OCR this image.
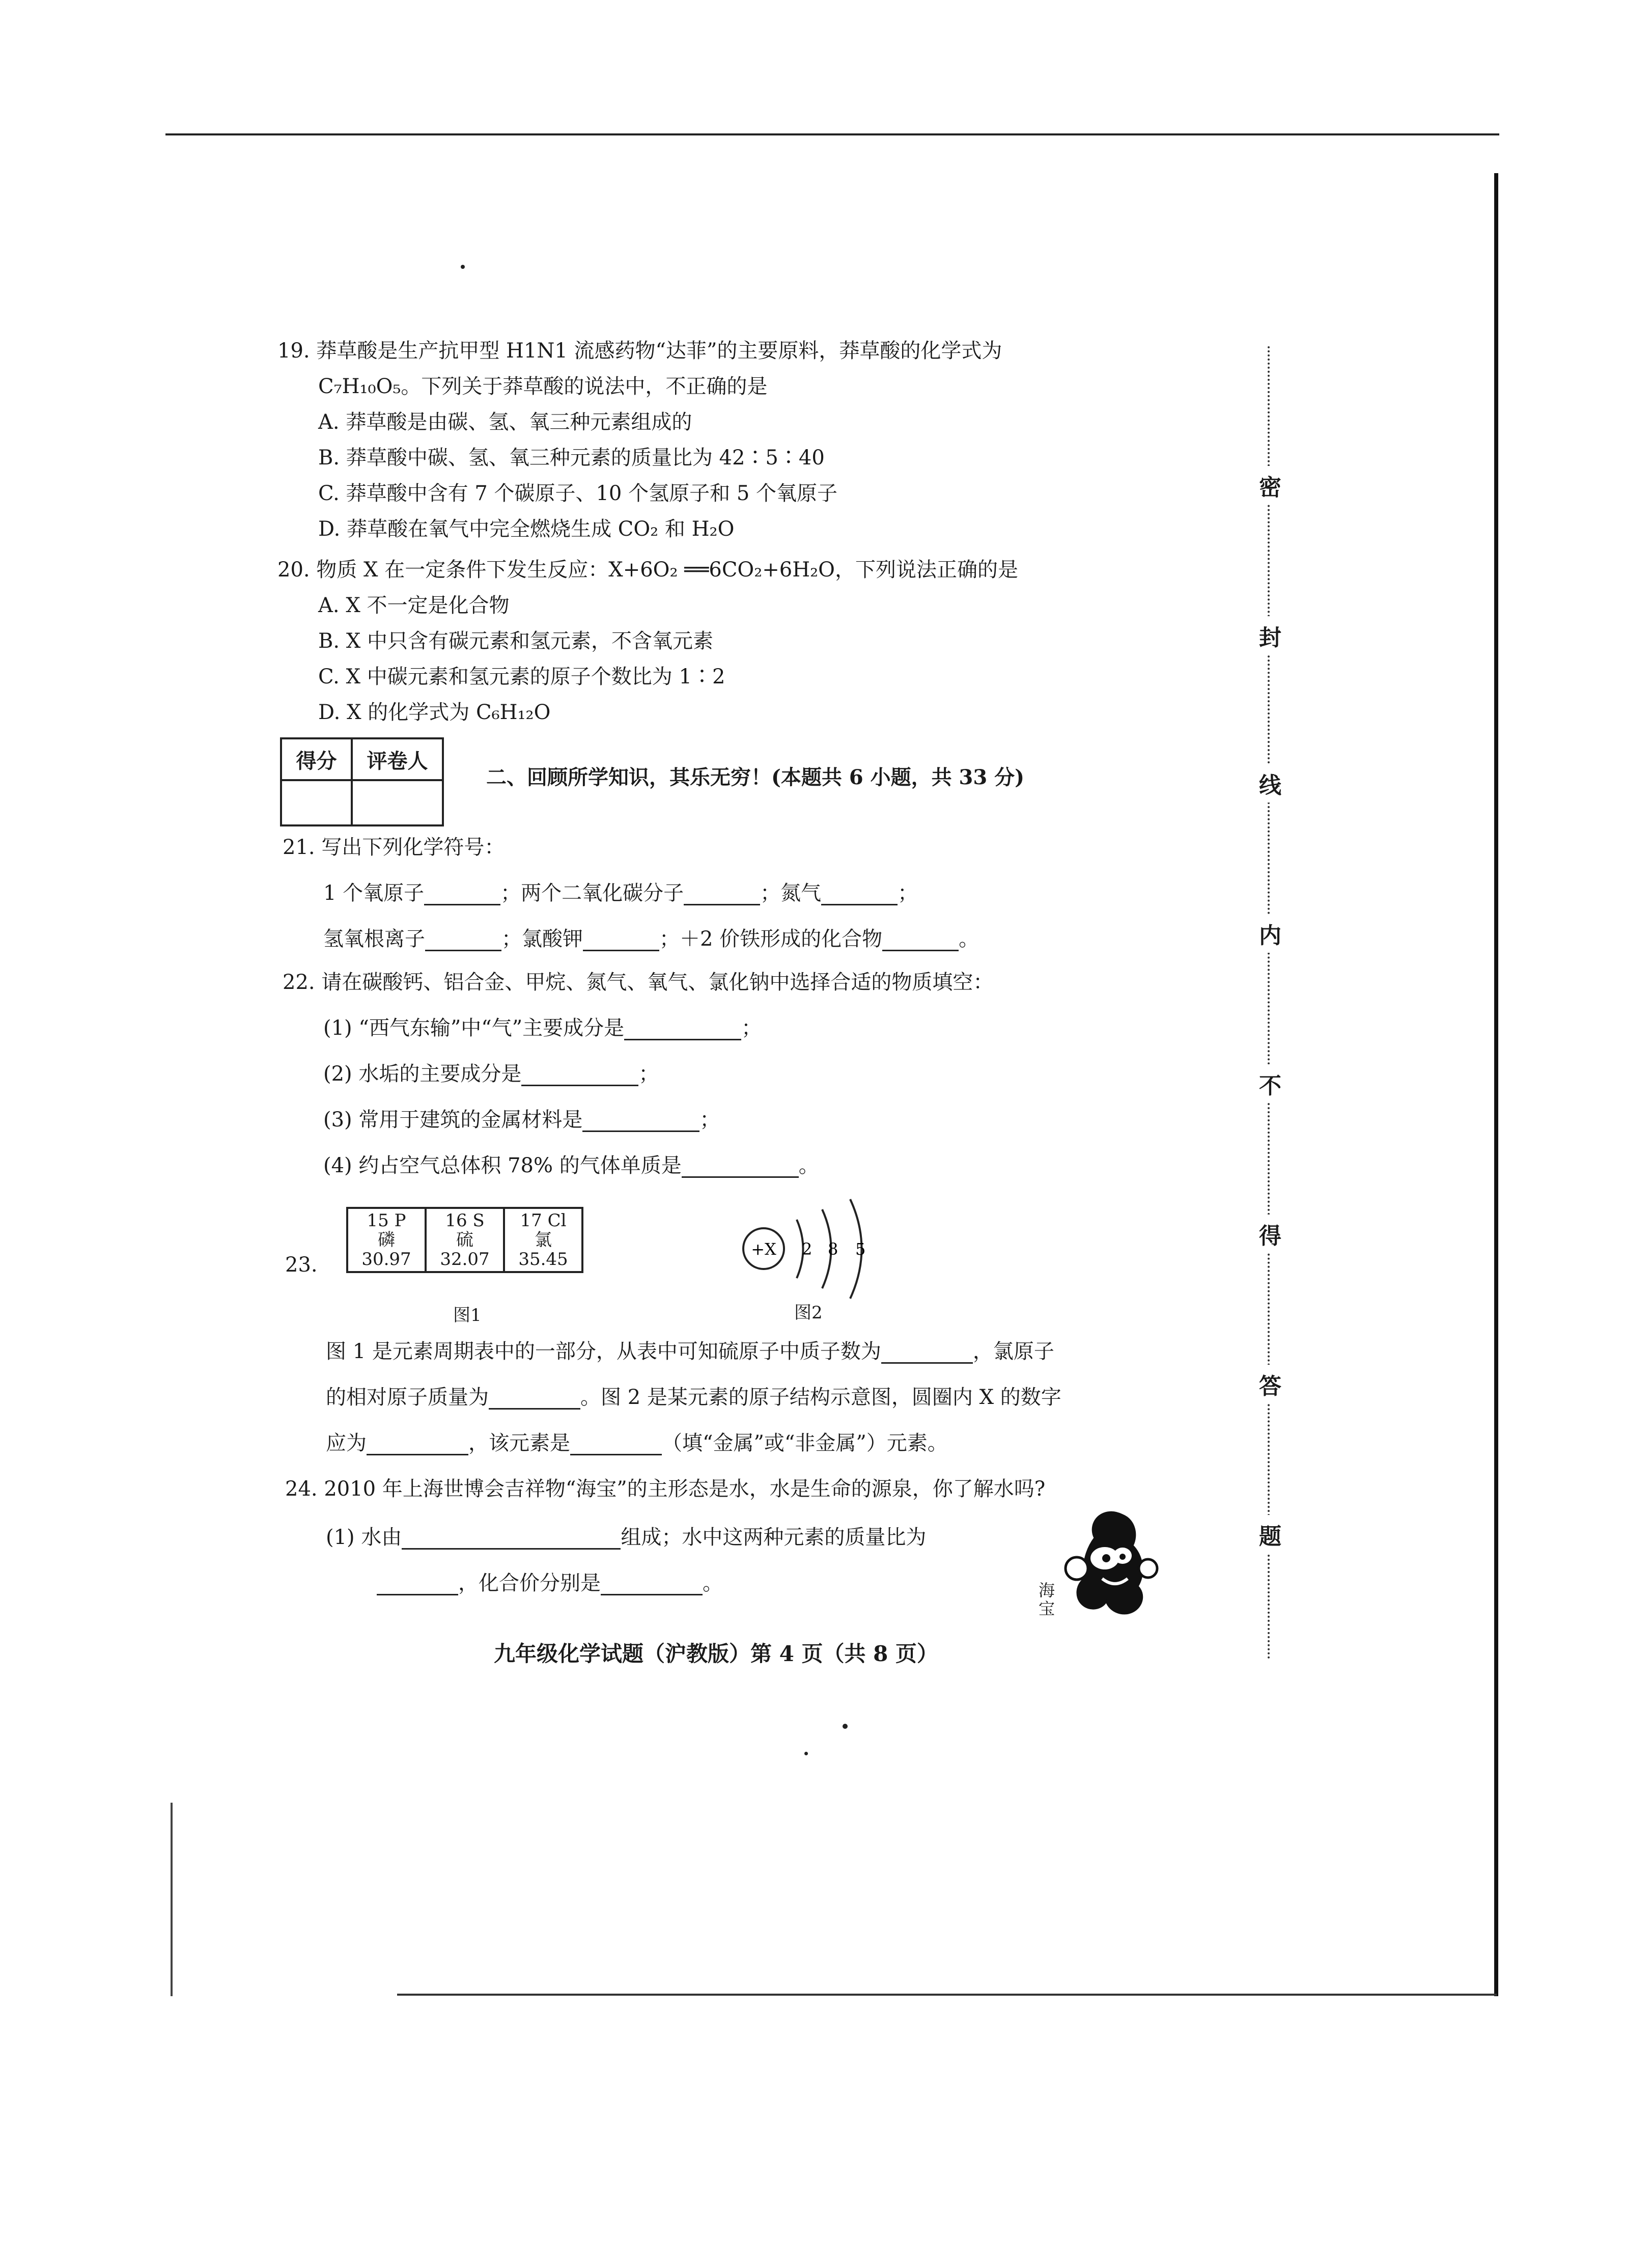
密
封
线
内
不
得
答
题
19. 莽草酸是生产抗甲型 H1N1 流感药物“达菲”的主要原料，莽草酸的化学式为
C₇H₁₀O₅。下列关于莽草酸的说法中，不正确的是
A. 莽草酸是由碳、氢、氧三种元素组成的
B. 莽草酸中碳、氢、氧三种元素的质量比为 42∶5∶40
C. 莽草酸中含有 7 个碳原子、10 个氢原子和 5 个氧原子
D. 莽草酸在氧气中完全燃烧生成 CO₂ 和 H₂O
20. 物质 X 在一定条件下发生反应：X+6O₂ ══6CO₂+6H₂O，下列说法正确的是
A. X 不一定是化合物
B. X 中只含有碳元素和氢元素，不含氧元素
C. X 中碳元素和氢元素的原子个数比为 1∶2
D. X 的化学式为 C₆H₁₂O
得分	评卷人

二、回顾所学知识，其乐无穷！(本题共 6 小题，共 33 分)
21. 写出下列化学符号：
1 个氧原子	；两个二氧化碳分子	；氮气	；
氢氧根离子	；氯酸钾	；＋2 价铁形成的化合物	。
22. 请在碳酸钙、铝合金、甲烷、氮气、氧气、氯化钠中选择合适的物质填空：
(1) “西气东输”中“气”主要成分是	；
(2) 水垢的主要成分是	；
(3) 常用于建筑的金属材料是	；
(4) 约占空气总体积 78% 的气体单质是	。
23.
15 P
磷
30.97

16 S
硫
32.07

17 Cl
氯
35.45
图1
+X 2 8 5
图2
图 1 是元素周期表中的一部分，从表中可知硫原子中质子数为	，氯原子
的相对原子质量为	。图 2 是某元素的原子结构示意图，圆圈内 X 的数字
应为	，该元素是	（填“金属”或“非金属”）元素。
24. 2010 年上海世博会吉祥物“海宝”的主形态是水，水是生命的源泉，你了解水吗?
(1) 水由	组成；水中这两种元素的质量比为
，化合价分别是	。	海宝
九年级化学试题（沪教版）第 4 页（共 8 页）
